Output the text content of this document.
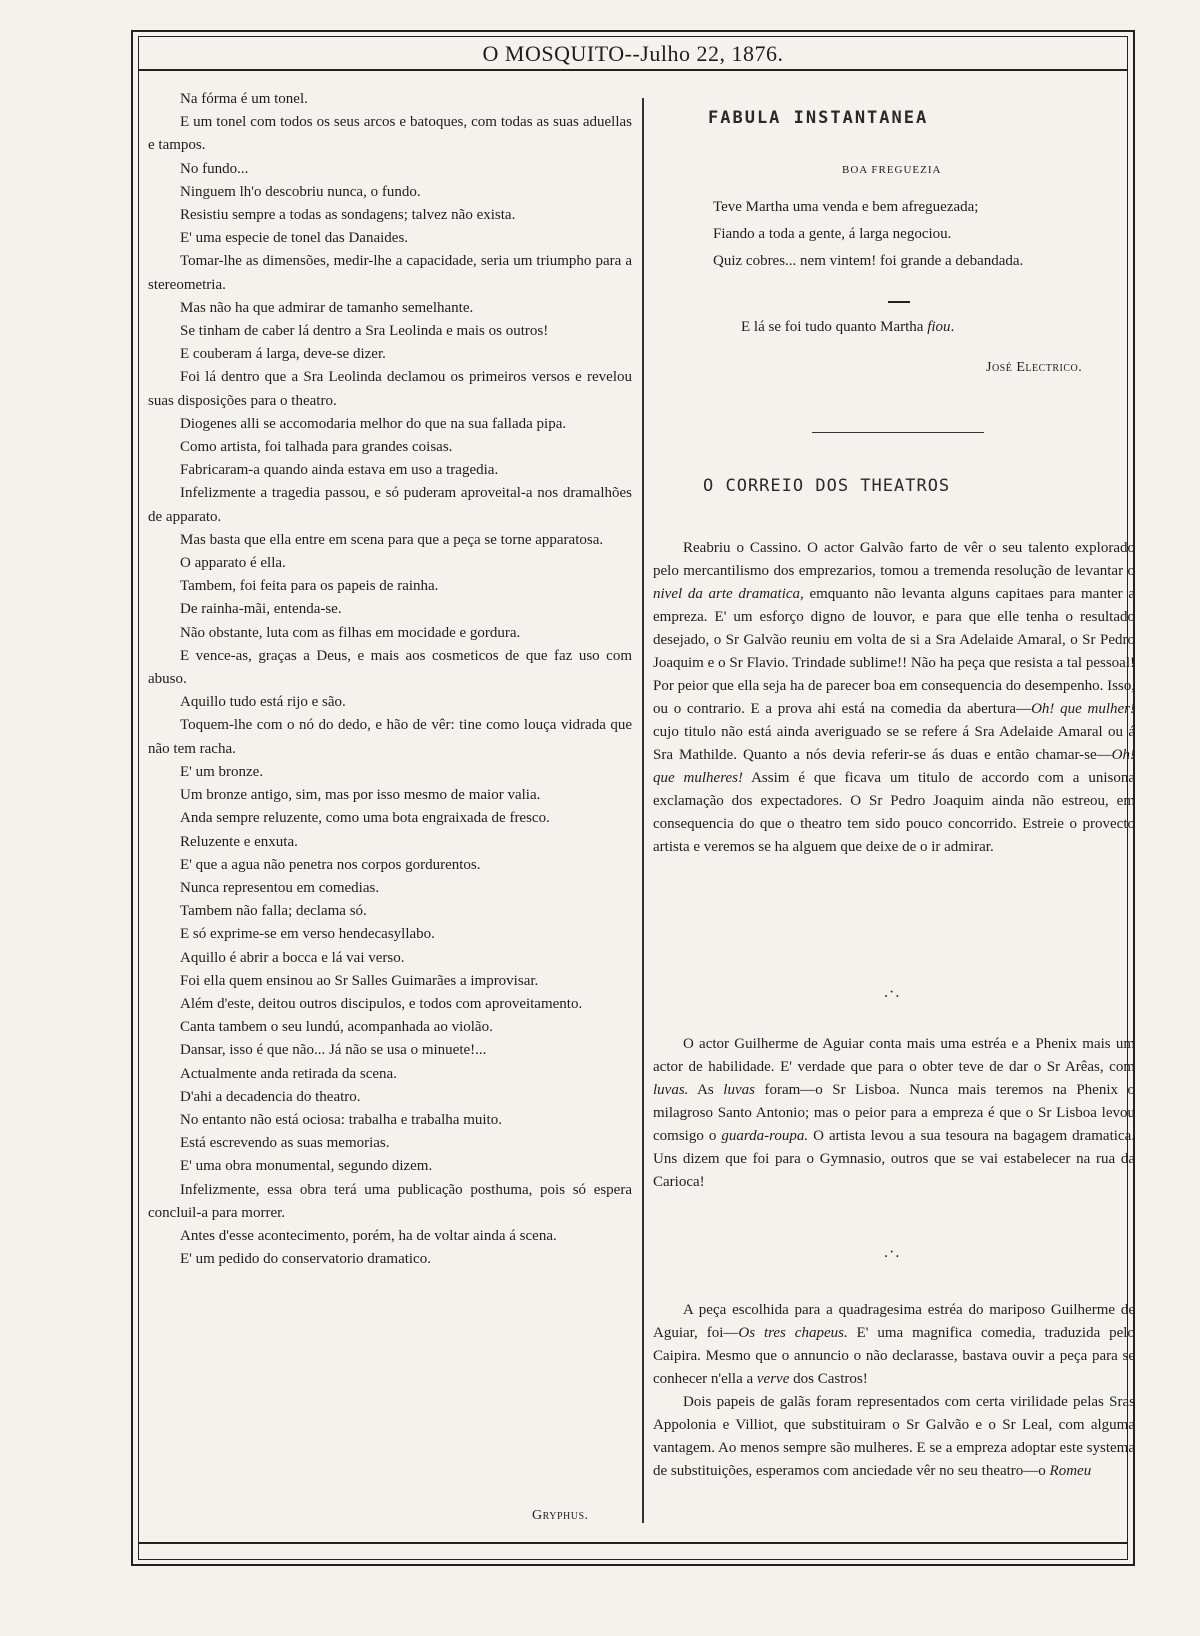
O MOSQUITO--Julho 22, 1876.

Na fórma é um tonel.

E um tonel com todos os seus arcos e batoques, com todas as suas aduellas e tampos.

No fundo...

Ninguem lh'o descobriu nunca, o fundo.

Resistiu sempre a todas as sondagens; talvez não exista.

E' uma especie de tonel das Danaides.

Tomar-lhe as dimensões, medir-lhe a capacidade, seria um triumpho para a stereometria.

Mas não ha que admirar de tamanho semelhante.

Se tinham de caber lá dentro a Sra Leolinda e mais os outros!

E couberam á larga, deve-se dizer.

Foi lá dentro que a Sra Leolinda declamou os primeiros versos e revelou suas disposições para o theatro.

Diogenes alli se accomodaria melhor do que na sua fallada pipa.

Como artista, foi talhada para grandes coisas.

Fabricaram-a quando ainda estava em uso a tragedia.

Infelizmente a tragedia passou, e só puderam aproveital-a nos dramalhões de apparato.

Mas basta que ella entre em scena para que a peça se torne apparatosa.

O apparato é ella.

Tambem, foi feita para os papeis de rainha.

De rainha-mãi, entenda-se.

Não obstante, luta com as filhas em mocidade e gordura.

E vence-as, graças a Deus, e mais aos cosmeticos de que faz uso com abuso.

Aquillo tudo está rijo e são.

Toquem-lhe com o nó do dedo, e hão de vêr: tine como louça vidrada que não tem racha.

E' um bronze.

Um bronze antigo, sim, mas por isso mesmo de maior valia.

Anda sempre reluzente, como uma bota engraixada de fresco.

Reluzente e enxuta.

E' que a agua não penetra nos corpos gordurentos.

Nunca representou em comedias.

Tambem não falla; declama só.

E só exprime-se em verso hendecasyllabo.

Aquillo é abrir a bocca e lá vai verso.

Foi ella quem ensinou ao Sr Salles Guimarães a improvisar.

Além d'este, deitou outros discipulos, e todos com aproveitamento.

Canta tambem o seu lundú, acompanhada ao violão.

Dansar, isso é que não... Já não se usa o minuete!...

Actualmente anda retirada da scena.

D'ahi a decadencia do theatro.

No entanto não está ociosa: trabalha e trabalha muito.

Está escrevendo as suas memorias.

E' uma obra monumental, segundo dizem.

Infelizmente, essa obra terá uma publicação posthuma, pois só espera concluil-a para morrer.

Antes d'esse acontecimento, porém, ha de voltar ainda á scena.

E' um pedido do conservatorio dramatico.

Gryphus.
FABULA INSTANTANEA
BOA FREGUEZIA
Teve Martha uma venda e bem afreguezada;
Fiando a toda a gente, á larga negociou.
Quiz cobres... nem vintem! foi grande a debandada.
E lá se foi tudo quanto Martha fiou.
José Electrico.
O CORREIO DOS THEATROS

Reabriu o Cassino. O actor Galvão farto de vêr o seu talento explorado pelo mercantilismo dos emprezarios, tomou a tremenda resolução de levantar o nivel da arte dramatica, emquanto não levanta alguns capitaes para manter a empreza. E' um esforço digno de louvor, e para que elle tenha o resultado desejado, o Sr Galvão reuniu em volta de si a Sra Adelaide Amaral, o Sr Pedro Joaquim e o Sr Flavio. Trindade sublime!! Não ha peça que resista a tal pessoal! Por peior que ella seja ha de parecer boa em consequencia do desempenho. Isso, ou o contrario. E a prova ahi está na comedia da abertura—Oh! que mulher! cujo titulo não está ainda averiguado se se refere á Sra Adelaide Amaral ou á Sra Mathilde. Quanto a nós devia referir-se ás duas e então chamar-se—Oh! que mulheres! Assim é que ficava um titulo de accordo com a unisona exclamação dos expectadores. O Sr Pedro Joaquim ainda não estreou, em consequencia do que o theatro tem sido pouco concorrido. Estreie o provecto artista e veremos se ha alguem que deixe de o ir admirar.

.·.

O actor Guilherme de Aguiar conta mais uma estréa e a Phenix mais um actor de habilidade. E' verdade que para o obter teve de dar o Sr Arêas, com luvas. As luvas foram—o Sr Lisboa. Nunca mais teremos na Phenix o milagroso Santo Antonio; mas o peior para a empreza é que o Sr Lisboa levou comsigo o guarda-roupa. O artista levou a sua tesoura na bagagem dramatica. Uns dizem que foi para o Gymnasio, outros que se vai estabelecer na rua da Carioca!

.·.

A peça escolhida para a quadragesima estréa do mariposo Guilherme de Aguiar, foi—Os tres chapeus. E' uma magnifica comedia, traduzida pelo Caipira. Mesmo que o annuncio o não declarasse, bastava ouvir a peça para se conhecer n'ella a verve dos Castros!

Dois papeis de galãs foram representados com certa virilidade pelas Sras Appolonia e Villiot, que substituiram o Sr Galvão e o Sr Leal, com alguma vantagem. Ao menos sempre são mulheres. E se a empreza adoptar este systema de substituições, esperamos com anciedade vêr no seu theatro—o Romeu
